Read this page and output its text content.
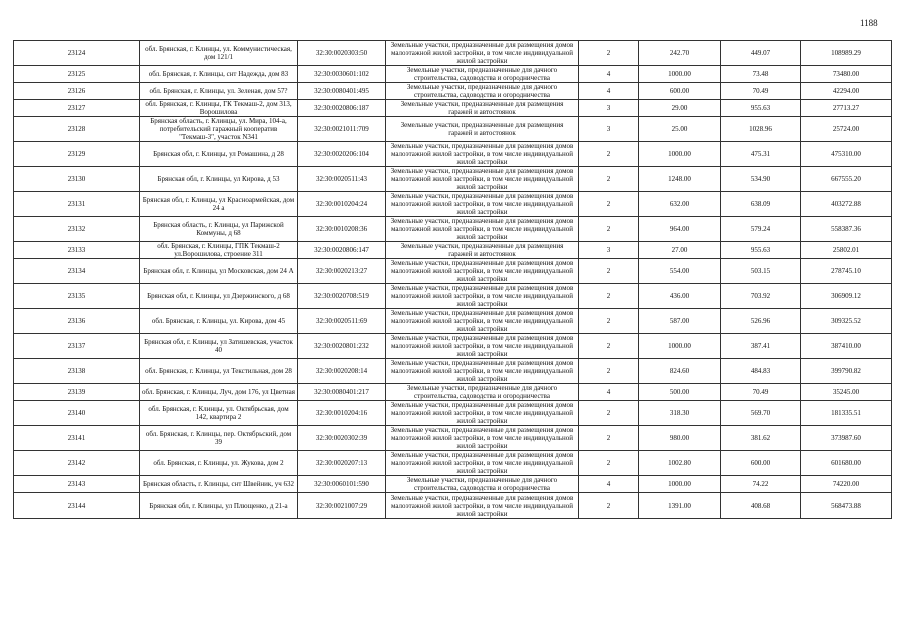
1188
23124	обл. Брянская, г. Клинцы, ул. Коммунистическая, дом 121/1	32:30:0020303:50	Земельные участки, предназначенные для размещения домов малоэтажной жилой застройки, в том числе индивидуальной жилой застройки	2	242.70	449.07	108989.29
23125	обл. Брянская, г. Клинцы, снт Надежда, дом 83	32:30:0030601:102	Земельные участки, предназначенные для дачного строительства, садоводства и огородничества	4	1000.00	73.48	73480.00
23126	обл. Брянская, г. Клинцы, ул. Зеленая, дом 57?	32:30:0080401:495	Земельные участки, предназначенные для дачного строительства, садоводства и огородничества	4	600.00	70.49	42294.00
23127	обл. Брянская, г. Клинцы, ГК Текмаш-2, дом 313, Ворошилова	32:30:0020806:187	Земельные участки, предназначенные для размещения гаражей и автостоянок	3	29.00	955.63	27713.27
23128	Брянская область, г. Клинцы, ул. Мира, 104-а, потребительский гаражный кооператив "Текмаш-3", участок N341	32:30:0021011:709	Земельные участки, предназначенные для размещения гаражей и автостоянок	3	25.00	1028.96	25724.00
23129	Брянская обл, г. Клинцы, ул Ромашина, д 28	32:30:0020206:104	Земельные участки, предназначенные для размещения домов малоэтажной жилой застройки, в том числе индивидуальной жилой застройки	2	1000.00	475.31	475310.00
23130	Брянская обл, г. Клинцы, ул Кирова, д 53	32:30:0020511:43	Земельные участки, предназначенные для размещения домов малоэтажной жилой застройки, в том числе индивидуальной жилой застройки	2	1248.00	534.90	667555.20
23131	Брянская обл, г. Клинцы, ул Красноармейская, дом 24 а	32:30:0010204:24	Земельные участки, предназначенные для размещения домов малоэтажной жилой застройки, в том числе индивидуальной жилой застройки	2	632.00	638.09	403272.88
23132	Брянская область, г. Клинцы, ул Парижской Коммуны, д 68	32:30:0010208:36	Земельные участки, предназначенные для размещения домов малоэтажной жилой застройки, в том числе индивидуальной жилой застройки	2	964.00	579.24	558387.36
23133	обл. Брянская, г. Клинцы, ГПК Текмаш-2 ул.Ворошилова, строение 311	32:30:0020806:147	Земельные участки, предназначенные для размещения гаражей и автостоянок	3	27.00	955.63	25802.01
23134	Брянская обл, г. Клинцы, ул Московская, дом 24 А	32:30:0020213:27	Земельные участки, предназначенные для размещения домов малоэтажной жилой застройки, в том числе индивидуальной жилой застройки	2	554.00	503.15	278745.10
23135	Брянская обл, г. Клинцы, ул Дзержинского, д 68	32:30:0020708:519	Земельные участки, предназначенные для размещения домов малоэтажной жилой застройки, в том числе индивидуальной жилой застройки	2	436.00	703.92	306909.12
23136	обл. Брянская, г. Клинцы, ул. Кирова, дом 45	32:30:0020511:69	Земельные участки, предназначенные для размещения домов малоэтажной жилой застройки, в том числе индивидуальной жилой застройки	2	587.00	526.96	309325.52
23137	Брянская обл, г. Клинцы, ул Затишевская, участок 40	32:30:0020801:232	Земельные участки, предназначенные для размещения домов малоэтажной жилой застройки, в том числе индивидуальной жилой застройки	2	1000.00	387.41	387410.00
23138	обл. Брянская, г. Клинцы, ул Текстильная, дом 28	32:30:0020208:14	Земельные участки, предназначенные для размещения домов малоэтажной жилой застройки, в том числе индивидуальной жилой застройки	2	824.60	484.83	399790.82
23139	обл. Брянская, г. Клинцы, Луч, дом 176, ул Цветная	32:30:0080401:217	Земельные участки, предназначенные для дачного строительства, садоводства и огородничества	4	500.00	70.49	35245.00
23140	обл. Брянская, г. Клинцы, ул. Октябрьская, дом 142, квартира 2	32:30:0010204:16	Земельные участки, предназначенные для размещения домов малоэтажной жилой застройки, в том числе индивидуальной жилой застройки	2	318.30	569.70	181335.51
23141	обл. Брянская, г. Клинцы, пер. Октябрьский, дом 39	32:30:0020302:39	Земельные участки, предназначенные для размещения домов малоэтажной жилой застройки, в том числе индивидуальной жилой застройки	2	980.00	381.62	373987.60
23142	обл. Брянская, г. Клинцы, ул. Жукова, дом 2	32:30:0020207:13	Земельные участки, предназначенные для размещения домов малоэтажной жилой застройки, в том числе индивидуальной жилой застройки	2	1002.80	600.00	601680.00
23143	Брянская область, г. Клинцы, снт Швейник, уч 632	32:30:0060101:590	Земельные участки, предназначенные для дачного строительства, садоводства и огородничества	4	1000.00	74.22	74220.00
23144	Брянская обл, г. Клинцы, ул Плющенко, д 21-а	32:30:0021007:29	Земельные участки, предназначенные для размещения домов малоэтажной жилой застройки, в том числе индивидуальной жилой застройки	2	1391.00	408.68	568473.88
